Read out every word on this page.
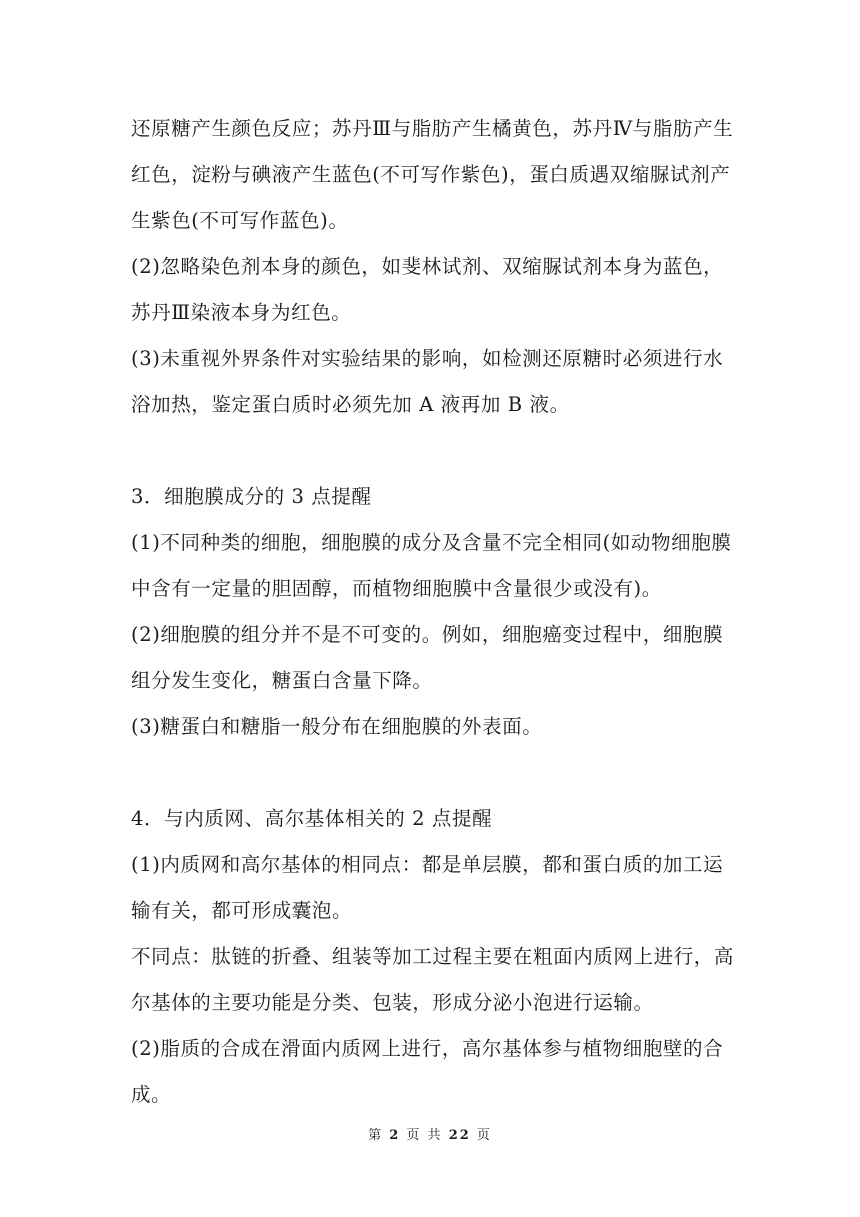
还原糖产生颜色反应；苏丹Ⅲ与脂肪产生橘黄色，苏丹Ⅳ与脂肪产生
红色，淀粉与碘液产生蓝色(不可写作紫色)，蛋白质遇双缩脲试剂产
生紫色(不可写作蓝色)。
(2)忽略染色剂本身的颜色，如斐林试剂、双缩脲试剂本身为蓝色，
苏丹Ⅲ染液本身为红色。
(3)未重视外界条件对实验结果的影响，如检测还原糖时必须进行水
浴加热，鉴定蛋白质时必须先加 A 液再加 B 液。
3．细胞膜成分的 3 点提醒
(1)不同种类的细胞，细胞膜的成分及含量不完全相同(如动物细胞膜
中含有一定量的胆固醇，而植物细胞膜中含量很少或没有)。
(2)细胞膜的组分并不是不可变的。例如，细胞癌变过程中，细胞膜
组分发生变化，糖蛋白含量下降。
(3)糖蛋白和糖脂一般分布在细胞膜的外表面。
4．与内质网、高尔基体相关的 2 点提醒
(1)内质网和高尔基体的相同点：都是单层膜，都和蛋白质的加工运
输有关，都可形成囊泡。
不同点：肽链的折叠、组装等加工过程主要在粗面内质网上进行，高
尔基体的主要功能是分类、包装，形成分泌小泡进行运输。
(2)脂质的合成在滑面内质网上进行，高尔基体参与植物细胞壁的合
成。
第 2 页 共 22 页
